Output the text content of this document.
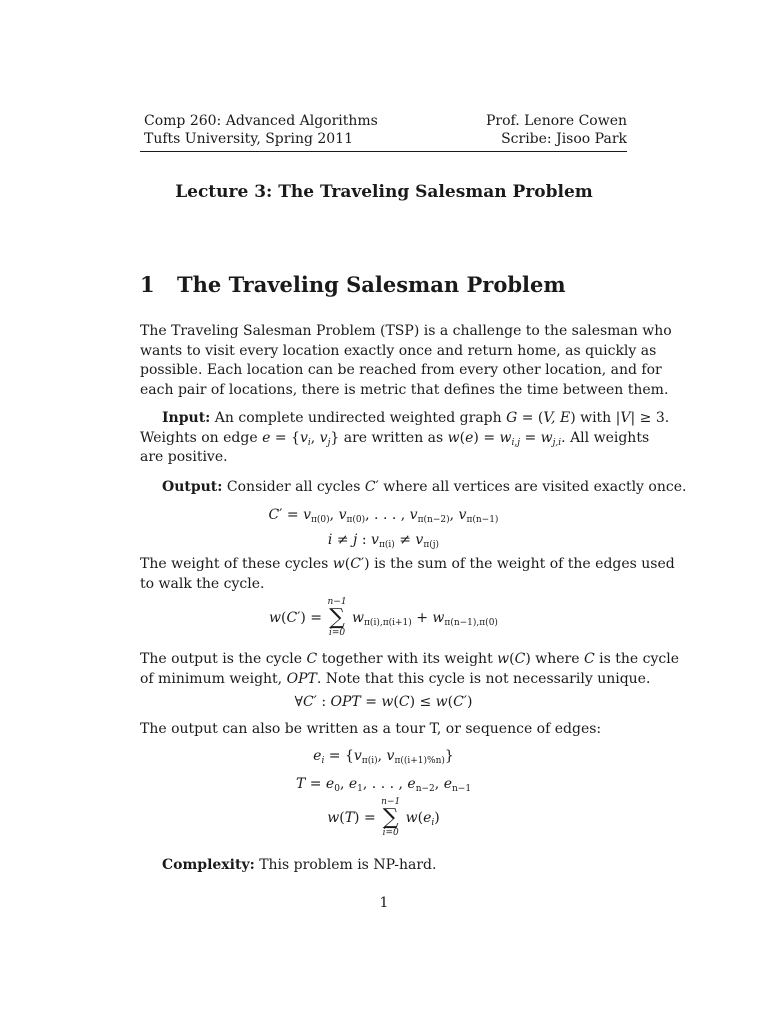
Comp 260: Advanced Algorithms
Tufts University, Spring 2011
Prof. Lenore Cowen
Scribe: Jisoo Park
Lecture 3: The Traveling Salesman Problem
1 The Traveling Salesman Problem
The Traveling Salesman Problem (TSP) is a challenge to the salesman who
wants to visit every location exactly once and return home, as quickly as
possible. Each location can be reached from every other location, and for
each pair of locations, there is metric that defines the time between them.
Input: An complete undirected weighted graph G = (V, E) with |V| ≥ 3.
Weights on edge $e = \{v_i$, $v_j$} are written as $w(e) = w_{i,j} = w_{j,i}$. All weights
are positive.
Output: Consider all cycles C′ where all vertices are visited exactly once.
$C' = v_{\pi(0)}$, $v_{\pi(0)}$, . . . , $v_{\pi(n-2)}$, $v_{\pi(n-1)}$
i ≠ j : $v_{\pi(i)} \ne v_{\pi(j)}$
The weight of these cycles w(C′) is the sum of the weight of the edges used
to walk the cycle.
w(C′) =
n−1
∑
i=0
$w_{\pi(i),\pi(i+1)} + w_{\pi(n-1),\pi(0)}$
The output is the cycle C together with its weight w(C) where C is the cycle
of minimum weight, OPT. Note that this cycle is not necessarily unique.
∀C′ : OPT = w(C) ≤ w(C′)
The output can also be written as a tour T, or sequence of edges:
$e_i = \{v_{\pi(i)}$, $v_{\pi((i+1)\%n)}$}
$T = e_0$, $e_1$, . . . , $e_{n-2}$, $e_{n-1}$
w(T) =
n−1
∑
i=0
$w(e_i)$
Complexity: This problem is NP-hard.
1
